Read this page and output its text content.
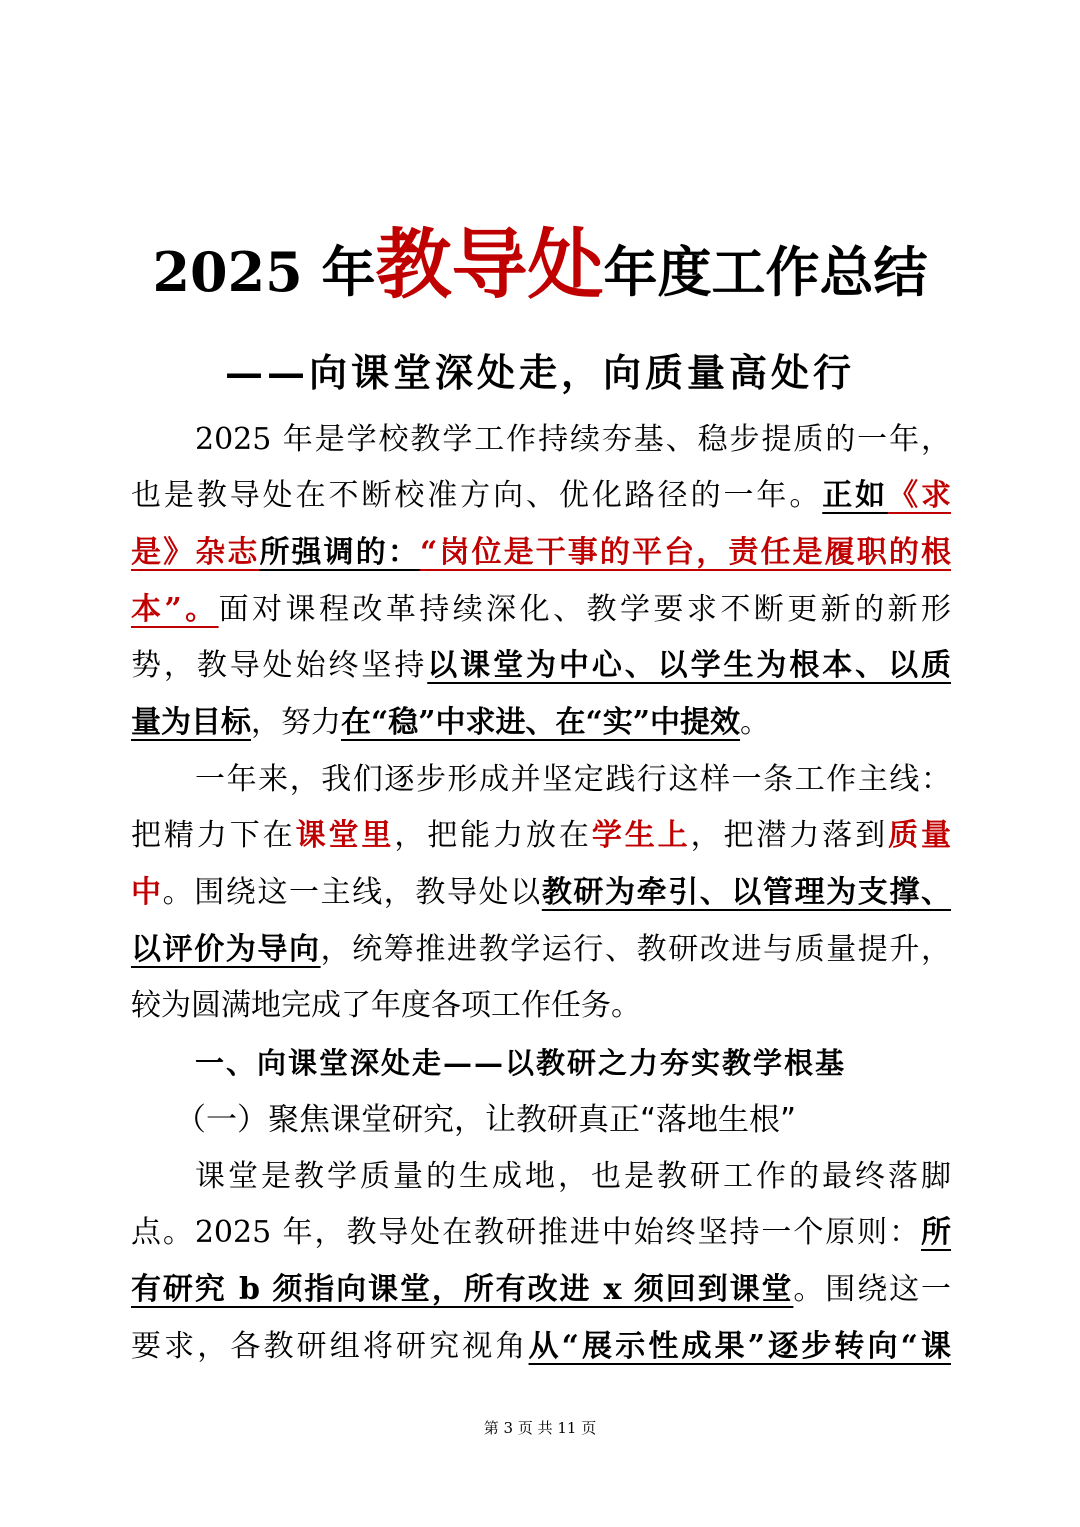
2025 年教导处年度工作总结
——向课堂深处走，向质量高处行
2025 年是学校教学工作持续夯基、稳步提质的一年，
也是教导处在不断校准方向、优化路径的一年。正如《求
是》杂志所强调的：“岗位是干事的平台，责任是履职的根
本”。面对课程改革持续深化、教学要求不断更新的新形
势，教导处始终坚持以课堂为中心、以学生为根本、以质
量为目标，努力在“稳”中求进、在“实”中提效。
一年来，我们逐步形成并坚定践行这样一条工作主线：
把精力下在课堂里，把能力放在学生上，把潜力落到质量
中。围绕这一主线，教导处以教研为牵引、以管理为支撑、
以评价为导向，统筹推进教学运行、教研改进与质量提升，
较为圆满地完成了年度各项工作任务。
一、向课堂深处走——以教研之力夯实教学根基
（一）聚焦课堂研究，让教研真正“落地生根”
课堂是教学质量的生成地，也是教研工作的最终落脚
点。2025 年，教导处在教研推进中始终坚持一个原则：所
有研究 b 须指向课堂，所有改进 x 须回到课堂。围绕这一
要求，各教研组将研究视角从“展示性成果”逐步转向“课
第 3 页 共 11 页
